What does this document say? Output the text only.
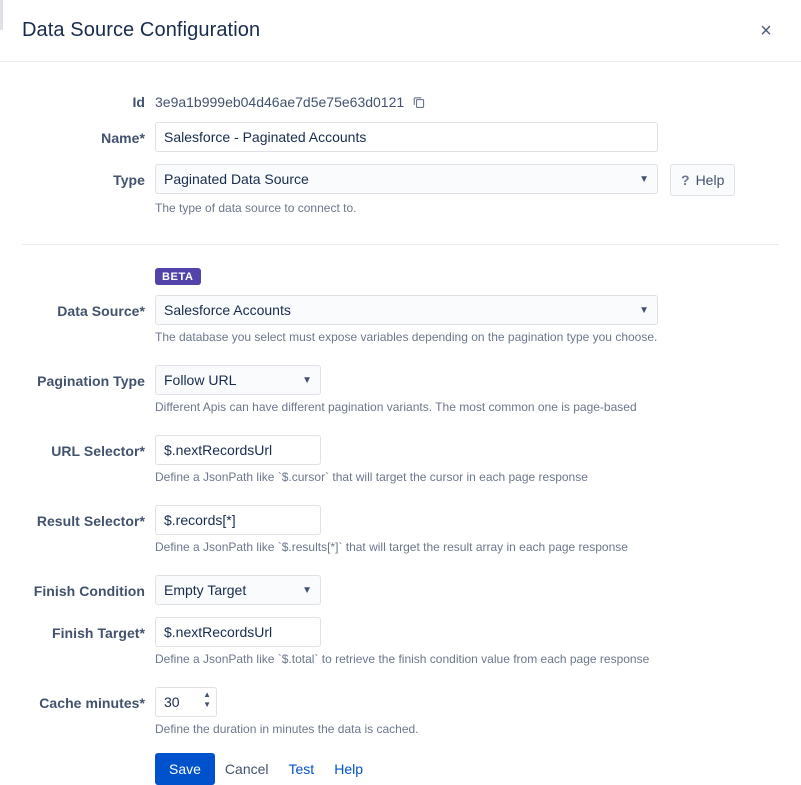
Data Source Configuration	×
Id 3e9a1b999eb04d46ae7d5e75e63d0121
Name*
Salesforce - Paginated Accounts
Type
Paginated Data Source	▼ ? Help
The type of data source to connect to.
BETA
Data Source*
Salesforce Accounts	▼
The database you select must expose variables depending on the pagination type you choose.
Pagination Type
Follow URL	▼
Different Apis can have different pagination variants. The most common one is page-based
URL Selector*
$.nextRecordsUrl
Define a JsonPath like `$.cursor` that will target the cursor in each page response
Result Selector*
$.records[*]
Define a JsonPath like `$.results[*]` that will target the result array in each page response
Finish Condition
Empty Target	▼
Finish Target*
$.nextRecordsUrl
Define a JsonPath like `$.total` to retrieve the finish condition value from each page response
Cache minutes*
30
▲
▼
Define the duration in minutes the data is cached.
Save	Cancel	Test	Help
